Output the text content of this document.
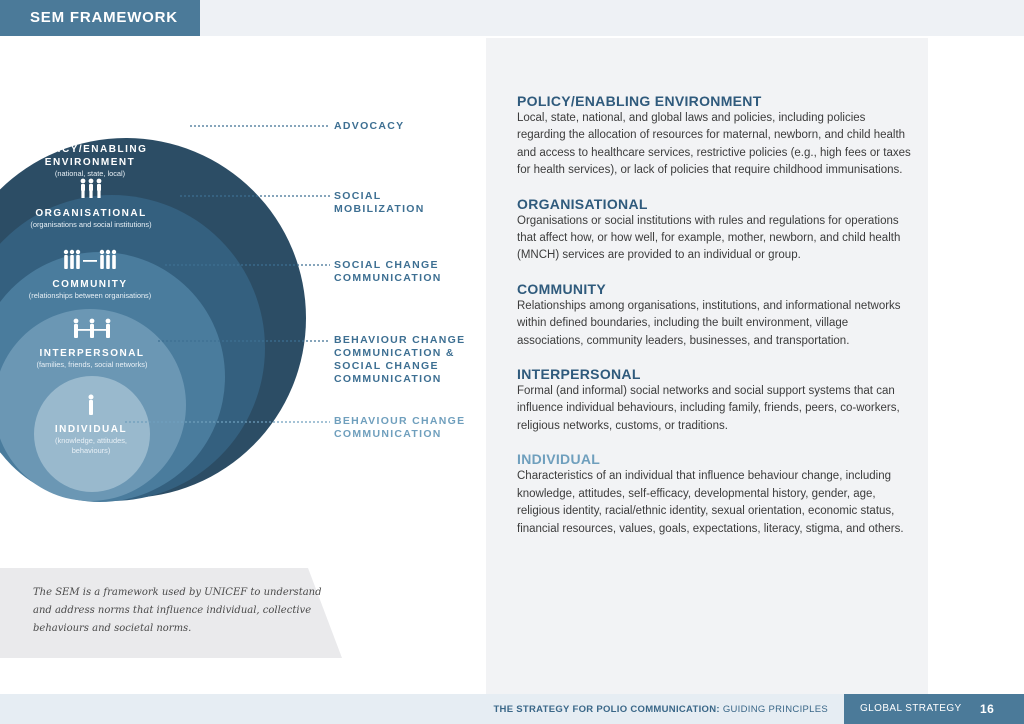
SEM FRAMEWORK
POLICY/ENABLING ENVIRONMENT
(national, state, local)
ORGANISATIONAL
(organisations and social institutions)
COMMUNITY
(relationships between organisations)
INTERPERSONAL
(families, friends, social networks)
INDIVIDUAL
(knowledge, attitudes, behaviours)
ADVOCACY
SOCIAL MOBILIZATION
SOCIAL CHANGE COMMUNICATION
BEHAVIOUR CHANGE COMMUNICATION & SOCIAL CHANGE COMMUNICATION
BEHAVIOUR CHANGE COMMUNICATION
The SEM is a framework used by UNICEF to understand and address norms that influence individual, collective behaviours and societal norms.
POLICY/ENABLING ENVIRONMENT

Local, state, national, and global laws and policies, including policies regarding the allocation of resources for maternal, newborn, and child health and access to healthcare services, restrictive policies (e.g., high fees or taxes for health services), or lack of policies that require childhood immunisations.

ORGANISATIONAL

Organisations or social institutions with rules and regulations for operations that affect how, or how well, for example, mother, newborn, and child health (MNCH) services are provided to an individual or group.

COMMUNITY

Relationships among organisations, institutions, and informational networks within defined boundaries, including the built environment, village associations, community leaders, businesses, and transportation.

INTERPERSONAL

Formal (and informal) social networks and social support systems that can influence individual behaviours, including family, friends, peers, co-workers, religious networks, customs, or traditions.

INDIVIDUAL

Characteristics of an individual that influence behaviour change, including knowledge, attitudes, self-efficacy, developmental history, gender, age, religious identity, racial/ethnic identity, sexual orientation, economic status, financial resources, values, goals, expectations, literacy, stigma, and others.

THE STRATEGY FOR POLIO COMMUNICATION: GUIDING PRINCIPLES	GLOBAL STRATEGY 16
